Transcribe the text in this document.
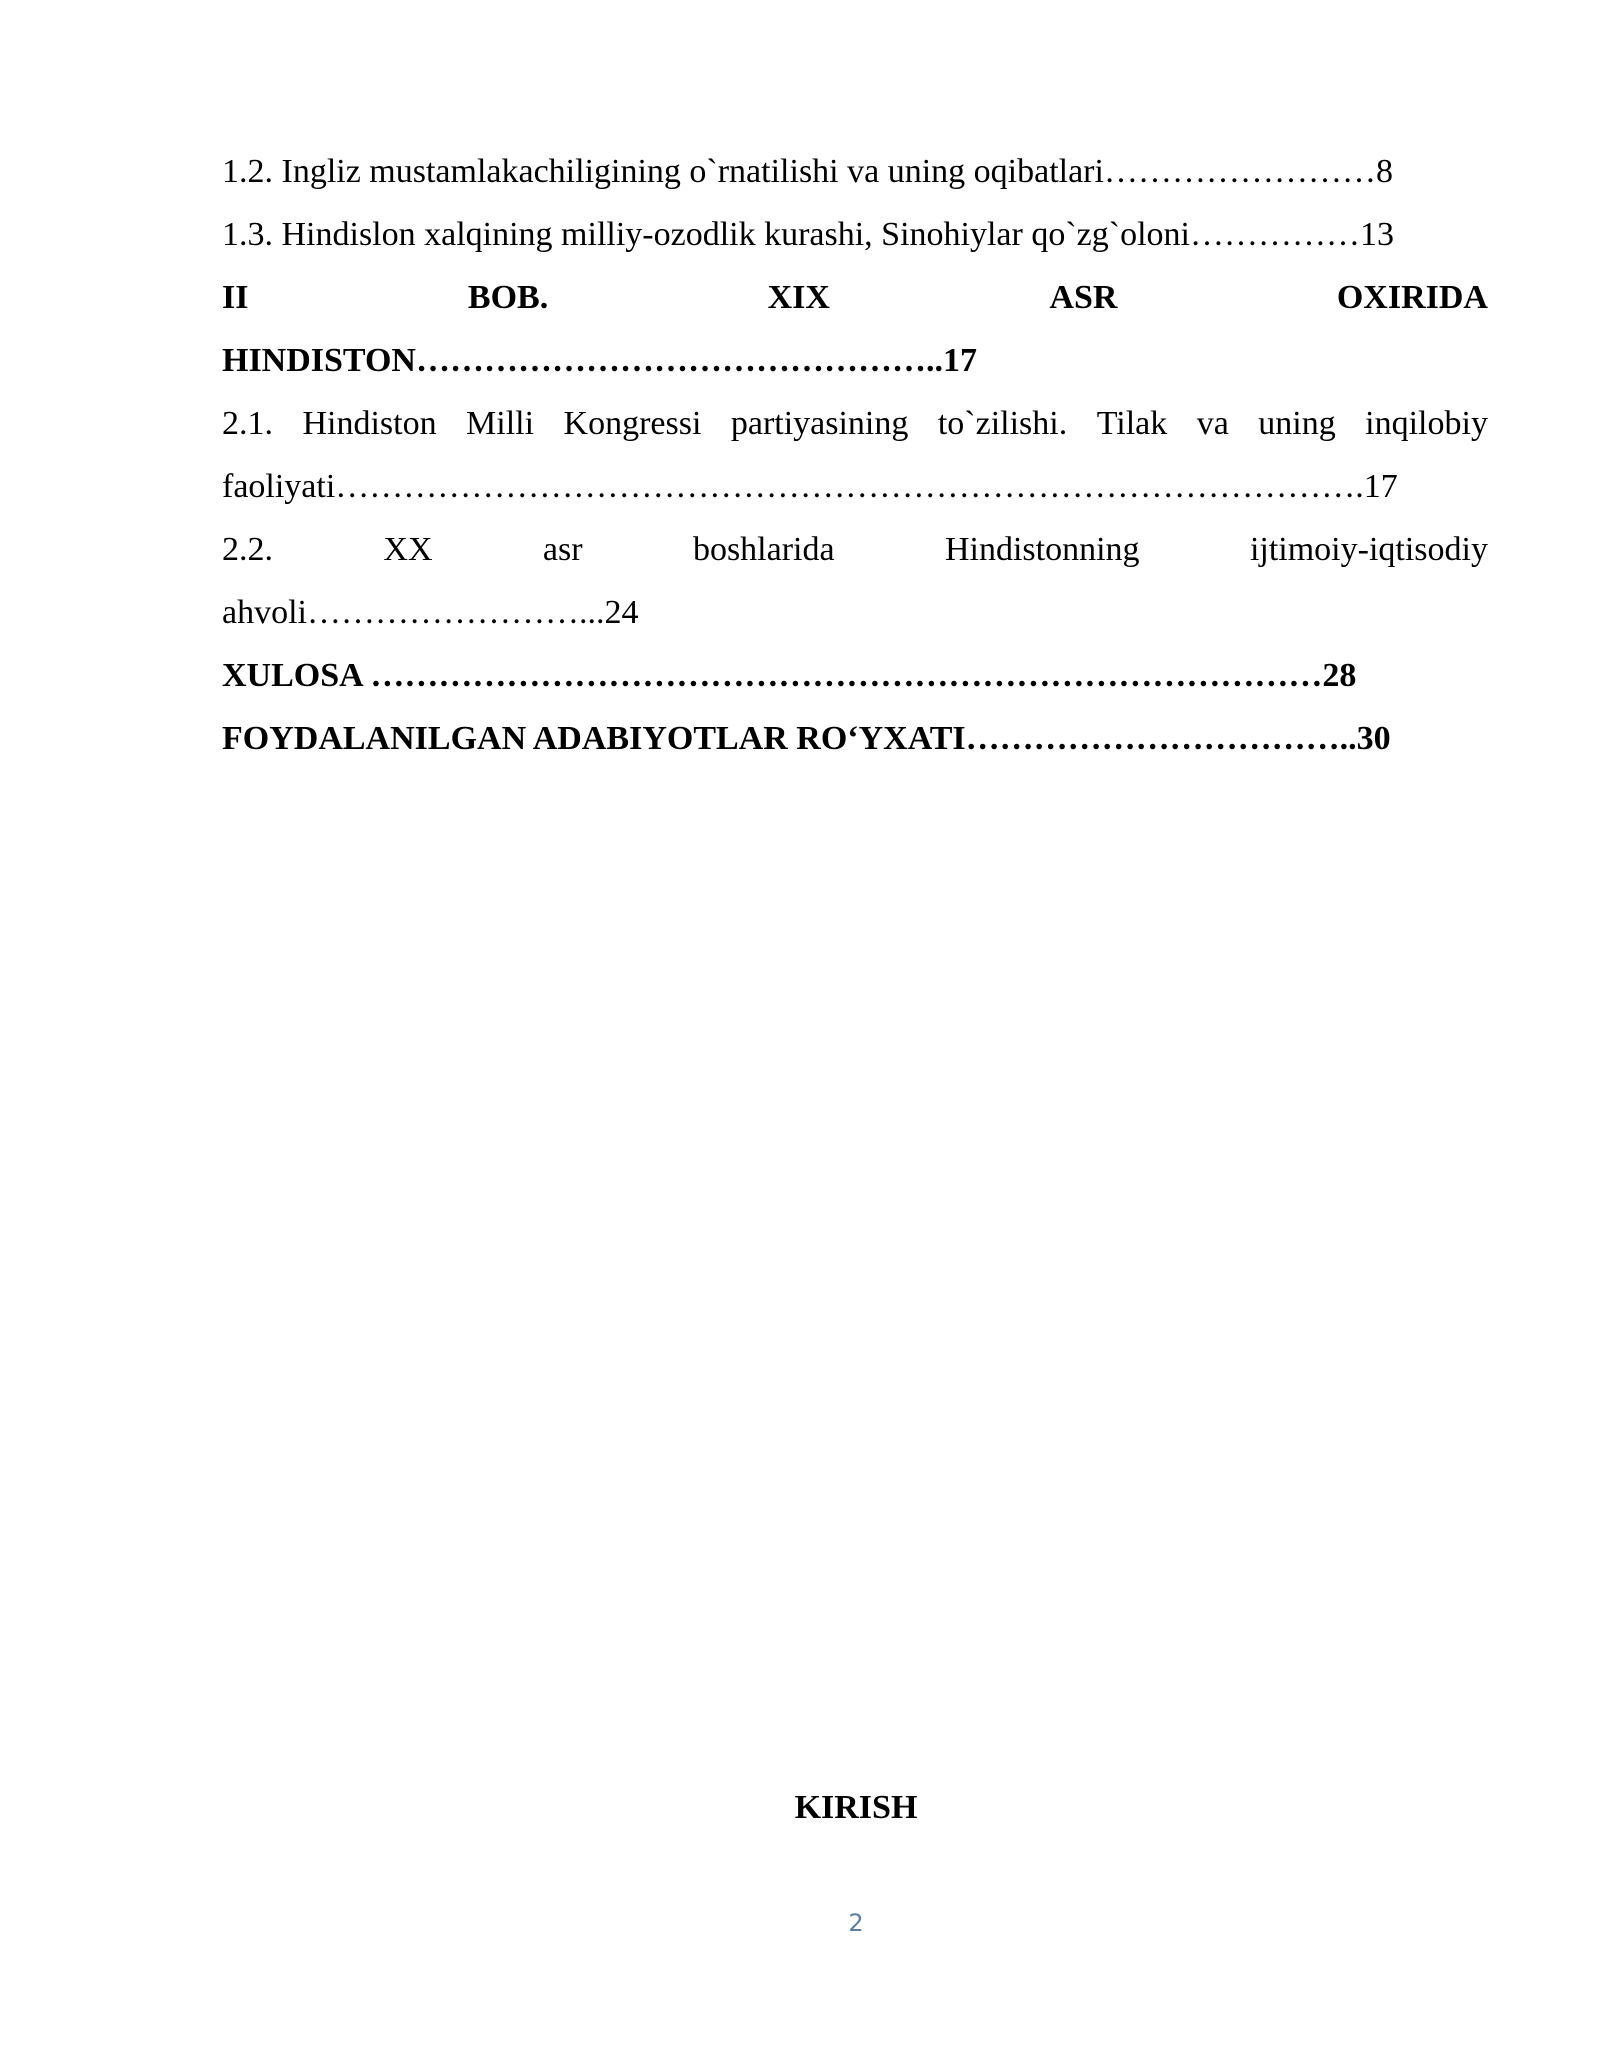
1.2. Ingliz mustamlakachiligining o`rnatilishi va uning oqibatlari……………………8
1.3. Hindislon xalqining milliy-ozodlik kurashi, Sinohiylar qo`zg`oloni……………13
II	BOB.	XIX	ASR	OXIRIDA
HINDISTON………………………………………..17
2.1. Hindiston Milli Kongressi partiyasining to`zilishi. Tilak va uning inqilobiy
faoliyati……………………………………………………………………………….17
2.2.	XX	asr	boshlarida	Hindistonning	ijtimoiy-iqtisodiy
ahvoli……………………...24
XULOSA …………………………………………………………………………28
FOYDALANILGAN ADABIYOTLAR RO‘YXATI……………………………..30
KIRISH
2
